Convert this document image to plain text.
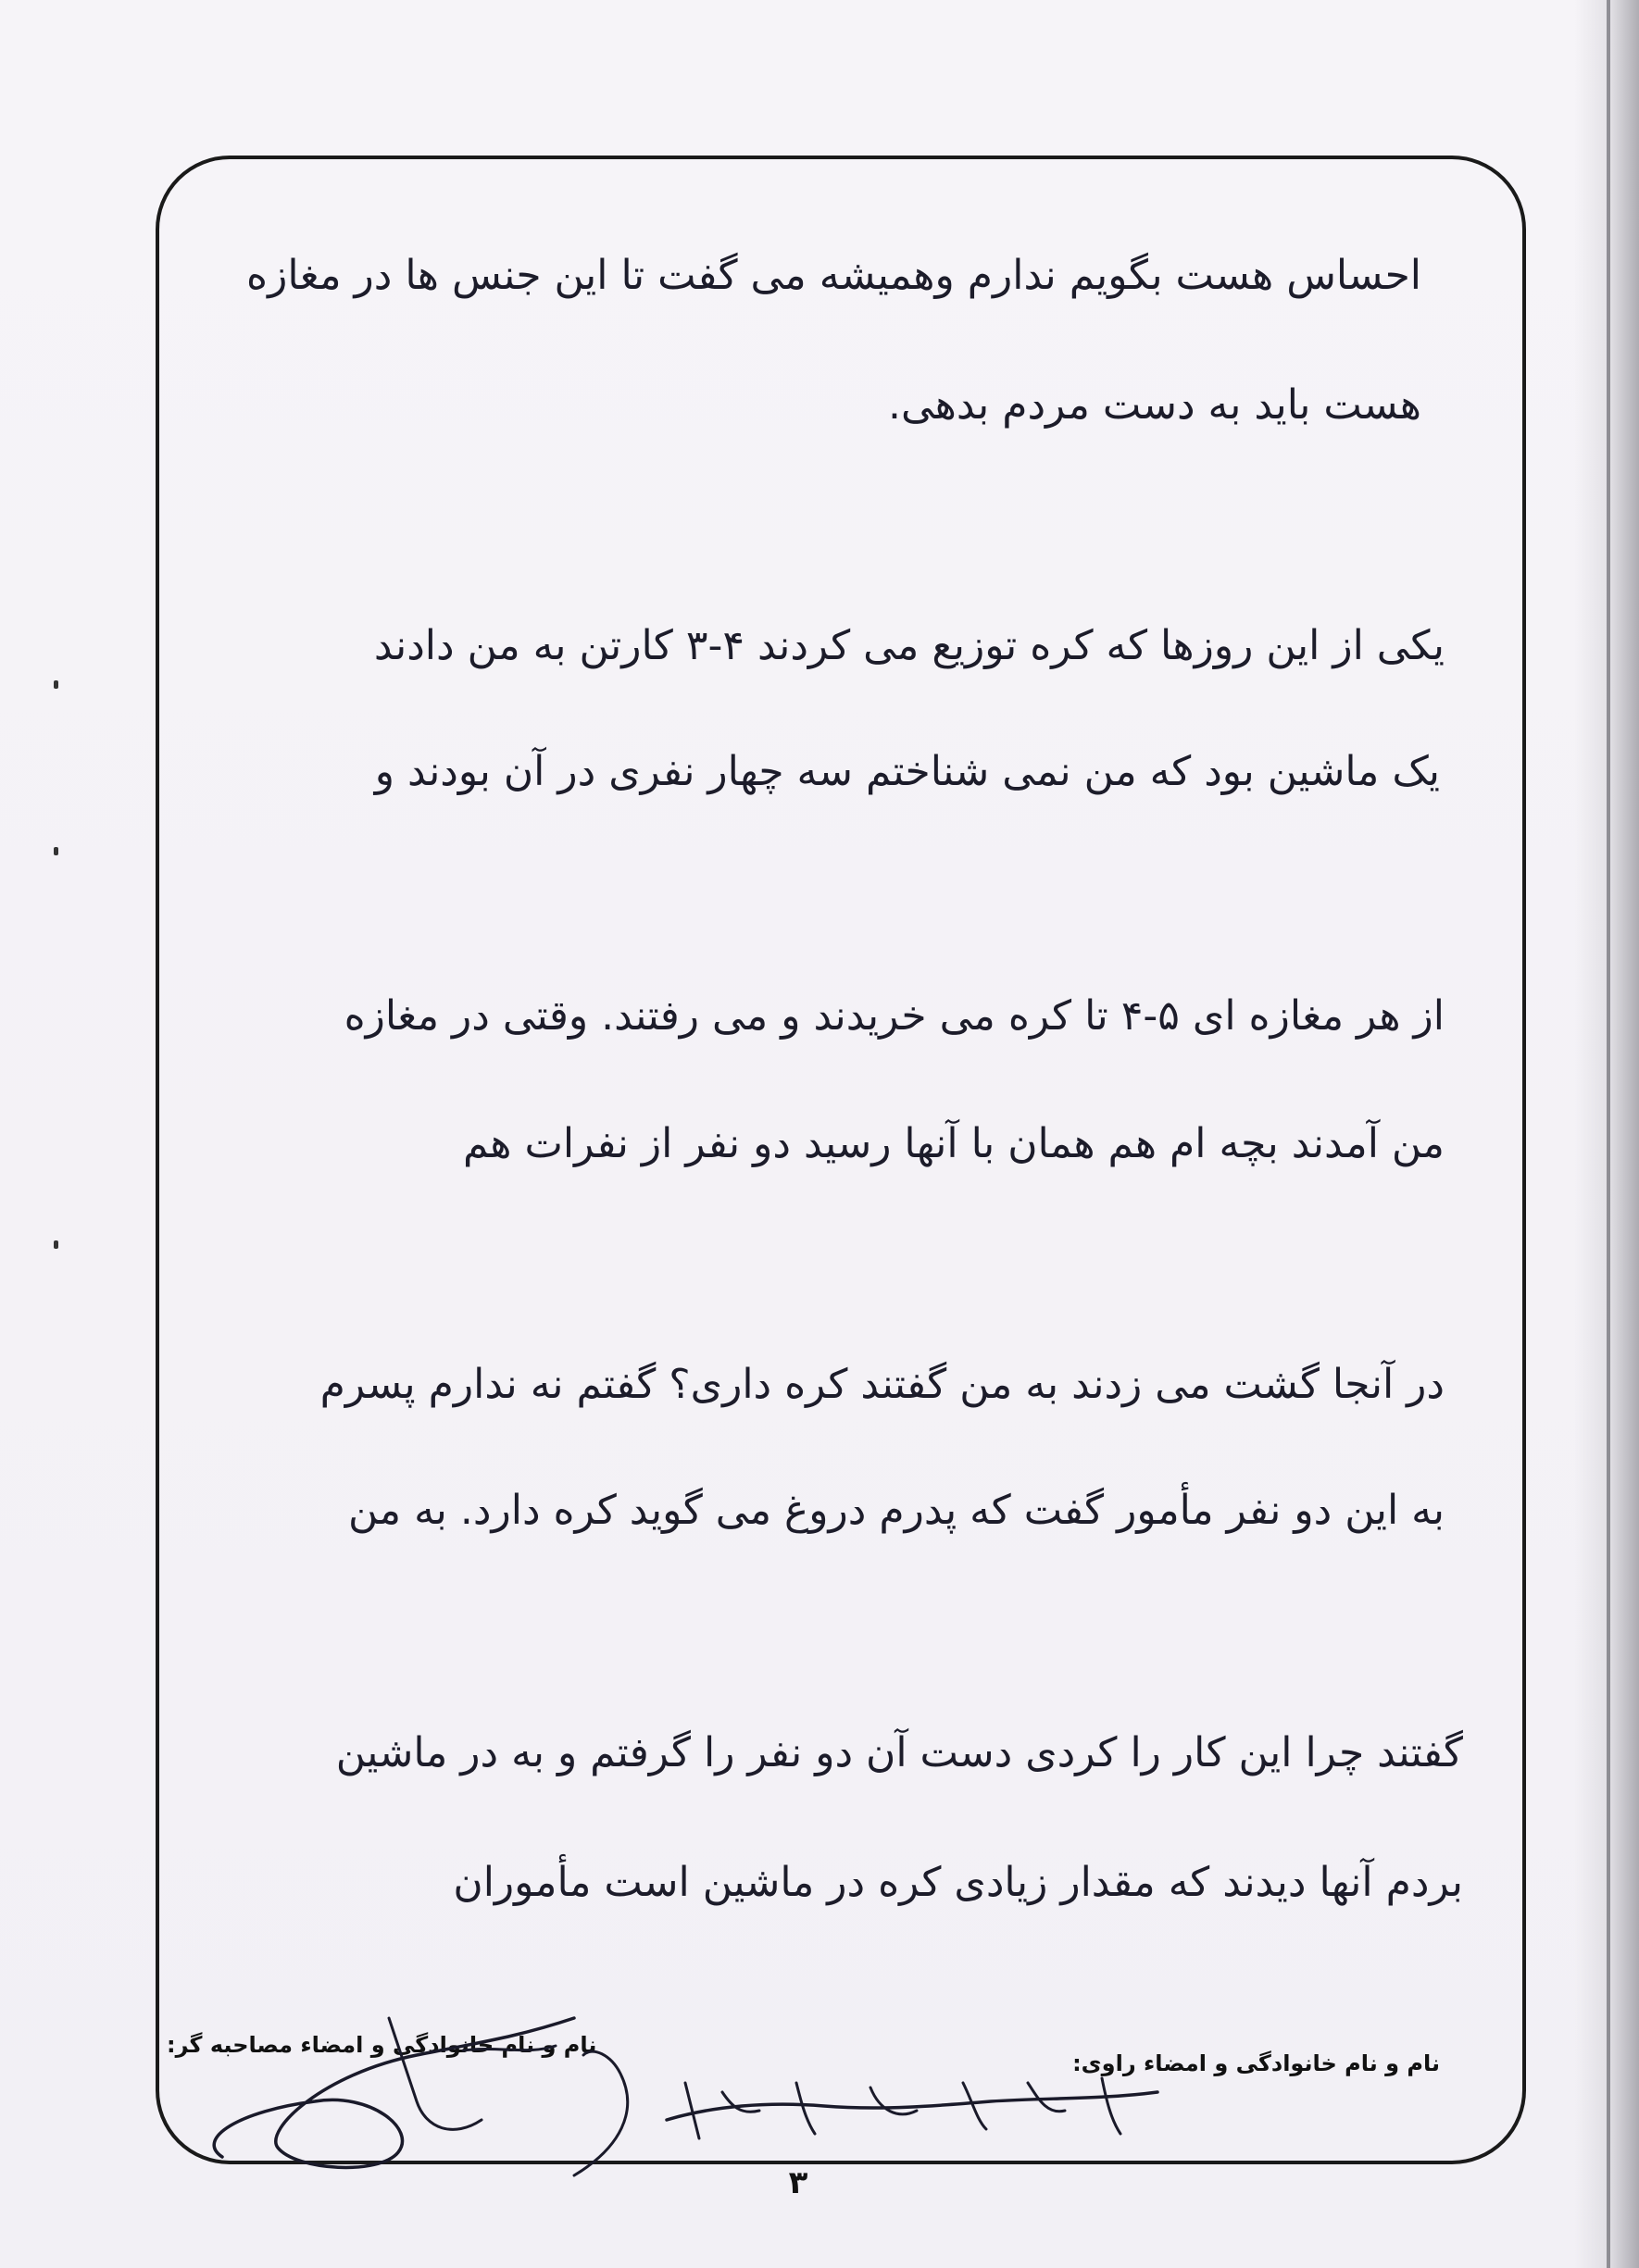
احساس هست بگویم ندارم وهمیشه می گفت تا این جنس ها در مغازه
هست باید به دست مردم بدهی.
یکی از این روزها که کره توزیع می کردند ۴-۳ کارتن به من دادند
یک ماشین بود که من نمی شناختم سه چهار نفری در آن بودند و
از هر مغازه ای ۵-۴ تا کره می خریدند و می رفتند. وقتی در مغازه
من آمدند بچه ام هم همان با آنها رسید دو نفر از نفرات هم
در آنجا گشت می زدند به من گفتند کره داری؟ گفتم نه ندارم پسرم
به این دو نفر مأمور گفت که پدرم دروغ می گوید کره دارد. به من
گفتند چرا این کار را کردی دست آن دو نفر را گرفتم و به در ماشین
بردم آنها دیدند که مقدار زیادی کره در ماشین است مأموران
نام و نام خانوادگی و امضاء مصاحبه گر:
نام و نام خانوادگی و امضاء راوی:
۳
